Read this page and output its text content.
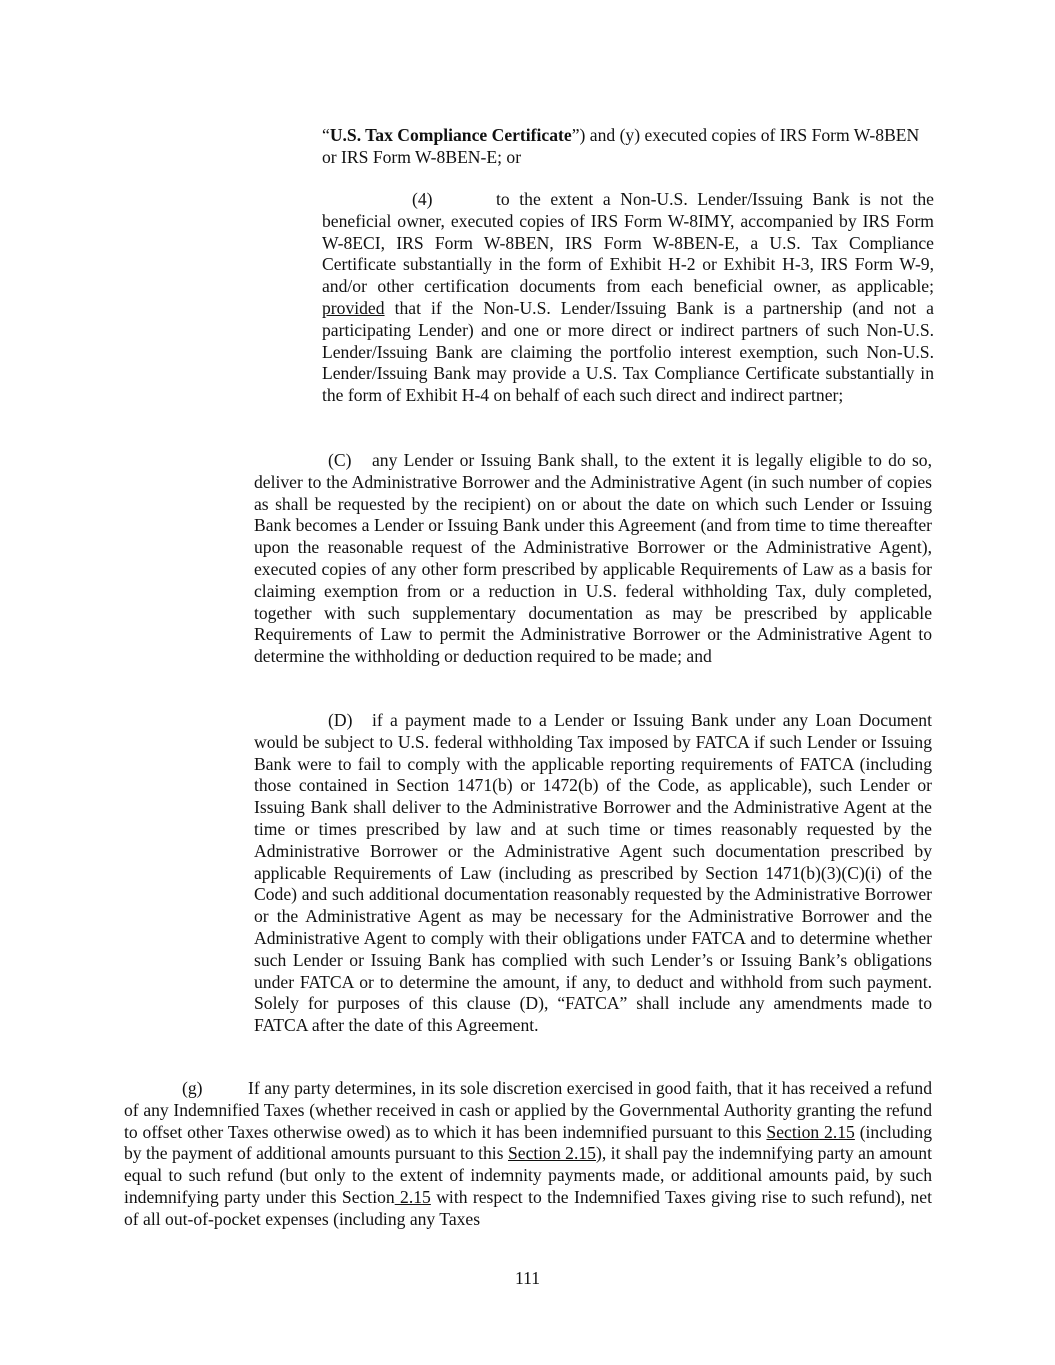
“U.S. Tax Compliance Certificate”) and (y) executed copies of IRS Form W-8BEN or IRS Form W-8BEN-E; or

(4)	to the extent a Non-U.S. Lender/Issuing Bank is not the beneficial owner, executed copies of IRS Form W-8IMY, accompanied by IRS Form W-8ECI, IRS Form W-8BEN, IRS Form W-8BEN-E, a U.S. Tax Compliance Certificate substantially in the form of Exhibit H-2 or Exhibit H-3, IRS Form W-9, and/or other certification documents from each beneficial owner, as applicable; provided that if the Non-U.S. Lender/Issuing Bank is a partnership (and not a participating Lender) and one or more direct or indirect partners of such Non-U.S. Lender/Issuing Bank are claiming the portfolio interest exemption, such Non-U.S. Lender/Issuing Bank may provide a U.S. Tax Compliance Certificate substantially in the form of Exhibit H-4 on behalf of each such direct and indirect partner;

(C) any Lender or Issuing Bank shall, to the extent it is legally eligible to do so, deliver to the Administrative Borrower and the Administrative Agent (in such number of copies as shall be requested by the recipient) on or about the date on which such Lender or Issuing Bank becomes a Lender or Issuing Bank under this Agreement (and from time to time thereafter upon the reasonable request of the Administrative Borrower or the Administrative Agent), executed copies of any other form prescribed by applicable Requirements of Law as a basis for claiming exemption from or a reduction in U.S. federal withholding Tax, duly completed, together with such supplementary documentation as may be prescribed by applicable Requirements of Law to permit the Administrative Borrower or the Administrative Agent to determine the withholding or deduction required to be made; and

(D) if a payment made to a Lender or Issuing Bank under any Loan Document would be subject to U.S. federal withholding Tax imposed by FATCA if such Lender or Issuing Bank were to fail to comply with the applicable reporting requirements of FATCA (including those contained in Section 1471(b) or 1472(b) of the Code, as applicable), such Lender or Issuing Bank shall deliver to the Administrative Borrower and the Administrative Agent at the time or times prescribed by law and at such time or times reasonably requested by the Administrative Borrower or the Administrative Agent such documentation prescribed by applicable Requirements of Law (including as prescribed by Section 1471(b)(3)(C)(i) of the Code) and such additional documentation reasonably requested by the Administrative Borrower or the Administrative Agent as may be necessary for the Administrative Borrower and the Administrative Agent to comply with their obligations under FATCA and to determine whether such Lender or Issuing Bank has complied with such Lender’s or Issuing Bank’s obligations under FATCA or to determine the amount, if any, to deduct and withhold from such payment. Solely for purposes of this clause (D), “FATCA” shall include any amendments made to FATCA after the date of this Agreement.

(g)	If any party determines, in its sole discretion exercised in good faith, that it has received a refund of any Indemnified Taxes (whether received in cash or applied by the Governmental Authority granting the refund to offset other Taxes otherwise owed) as to which it has been indemnified pursuant to this Section 2.15 (including by the payment of additional amounts pursuant to this Section 2.15), it shall pay the indemnifying party an amount equal to such refund (but only to the extent of indemnity payments made, or additional amounts paid, by such indemnifying party under this Section 2.15 with respect to the Indemnified Taxes giving rise to such refund), net of all out-of-pocket expenses (including any Taxes

111
